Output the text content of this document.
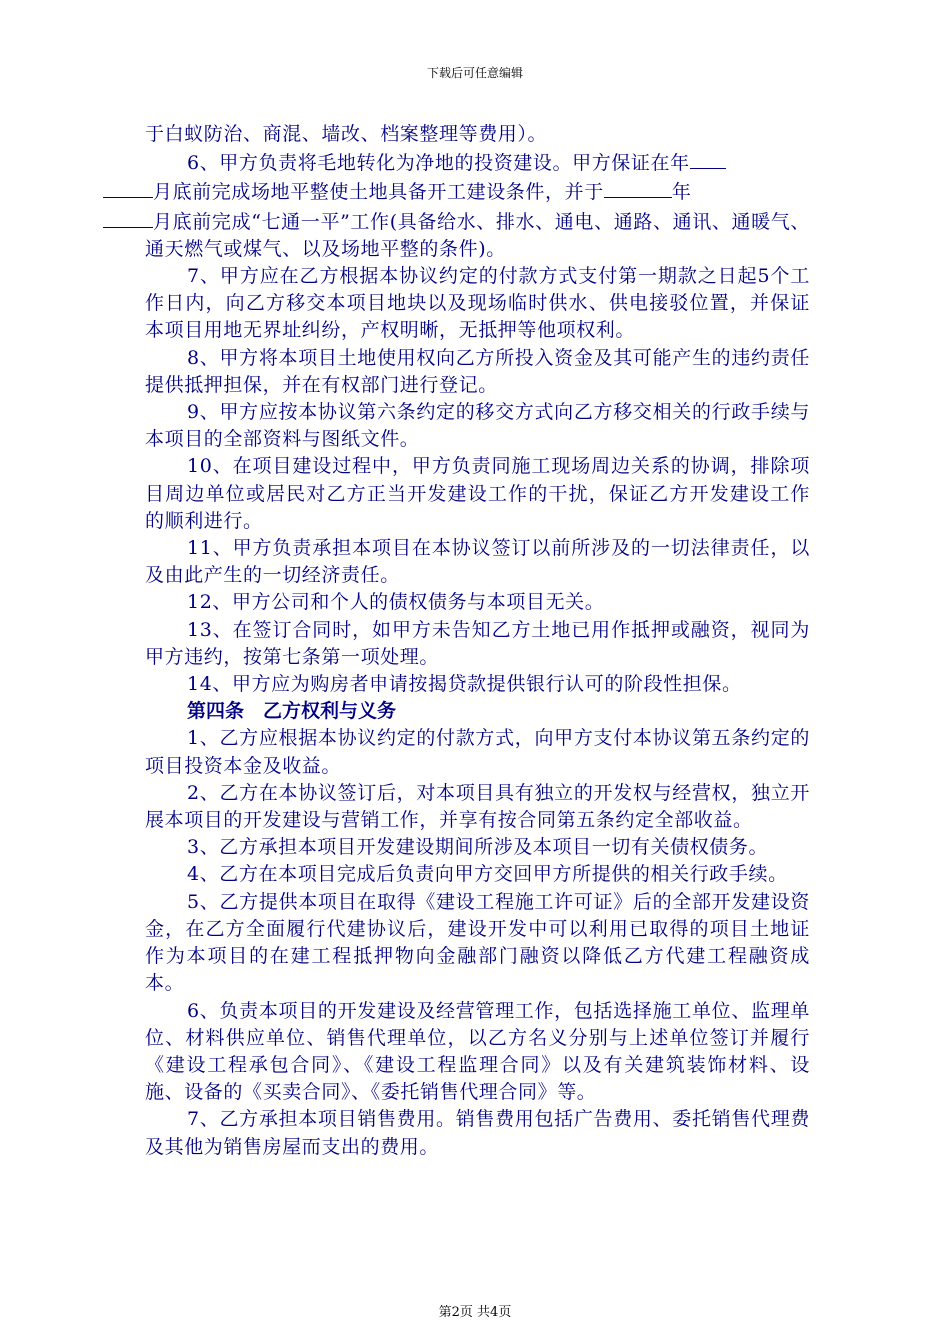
下载后可任意编辑

于白蚁防治、商混、墙改、档案整理等费用）。

6、甲方负责将毛地转化为净地的投资建设。甲方保证在年
月底前完成场地平整使土地具备开工建设条件，并于	年
月底前完成“七通一平”工作(具备给水、排水、通电、通路、通讯、通暖气、通天燃气或煤气、以及场地平整的条件)。

7、甲方应在乙方根据本协议约定的付款方式支付第一期款之日起5个工作日内，向乙方移交本项目地块以及现场临时供水、供电接驳位置，并保证本项目用地无界址纠纷，产权明晰，无抵押等他项权利。

8、甲方将本项目土地使用权向乙方所投入资金及其可能产生的违约责任提供抵押担保，并在有权部门进行登记。

9、甲方应按本协议第六条约定的移交方式向乙方移交相关的行政手续与本项目的全部资料与图纸文件。

10、在项目建设过程中，甲方负责同施工现场周边关系的协调，排除项目周边单位或居民对乙方正当开发建设工作的干扰，保证乙方开发建设工作的顺利进行。

11、甲方负责承担本项目在本协议签订以前所涉及的一切法律责任，以及由此产生的一切经济责任。

12、甲方公司和个人的债权债务与本项目无关。

13、在签订合同时，如甲方未告知乙方土地已用作抵押或融资，视同为甲方违约，按第七条第一项处理。

14、甲方应为购房者申请按揭贷款提供银行认可的阶段性担保。

第四条　乙方权利与义务

1、乙方应根据本协议约定的付款方式，向甲方支付本协议第五条约定的项目投资本金及收益。

2、乙方在本协议签订后，对本项目具有独立的开发权与经营权，独立开展本项目的开发建设与营销工作，并享有按合同第五条约定全部收益。

3、乙方承担本项目开发建设期间所涉及本项目一切有关债权债务。

4、乙方在本项目完成后负责向甲方交回甲方所提供的相关行政手续。

5、乙方提供本项目在取得《建设工程施工许可证》后的全部开发建设资金，在乙方全面履行代建协议后，建设开发中可以利用已取得的项目土地证作为本项目的在建工程抵押物向金融部门融资以降低乙方代建工程融资成本。

6、负责本项目的开发建设及经营管理工作，包括选择施工单位、监理单位、材料供应单位、销售代理单位，以乙方名义分别与上述单位签订并履行《建设工程承包合同》、《建设工程监理合同》以及有关建筑装饰材料、设施、设备的《买卖合同》、《委托销售代理合同》等。

7、乙方承担本项目销售费用。销售费用包括广告费用、委托销售代理费及其他为销售房屋而支出的费用。

第2页 共4页
